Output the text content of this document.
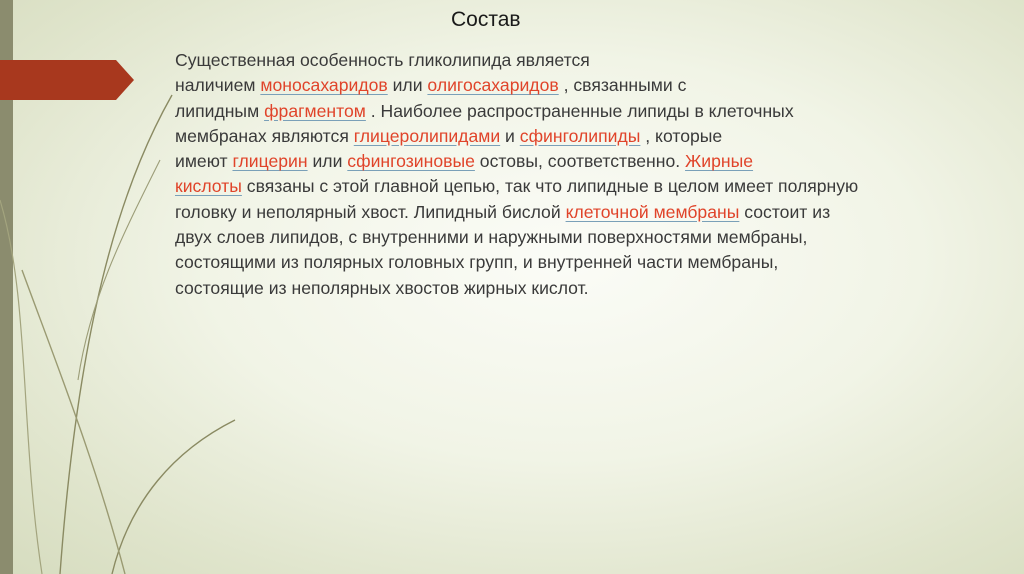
Состав
Существенная особенность гликолипида является
наличием моносахаридов или олигосахаридов , связанными с
липидным фрагментом . Наиболее распространенные липиды в клеточных
мембранах являются глицеролипидами и сфинголипиды , которые
имеют глицерин или сфингозиновые остовы, соответственно. Жирные
кислоты связаны с этой главной цепью, так что липидные в целом имеет полярную
головку и неполярный хвост. Липидный бислой клеточной мембраны состоит из
двух слоев липидов, с внутренними и наружными поверхностями мембраны,
состоящими из полярных головных групп, и внутренней части мембраны,
состоящие из неполярных хвостов жирных кислот.
